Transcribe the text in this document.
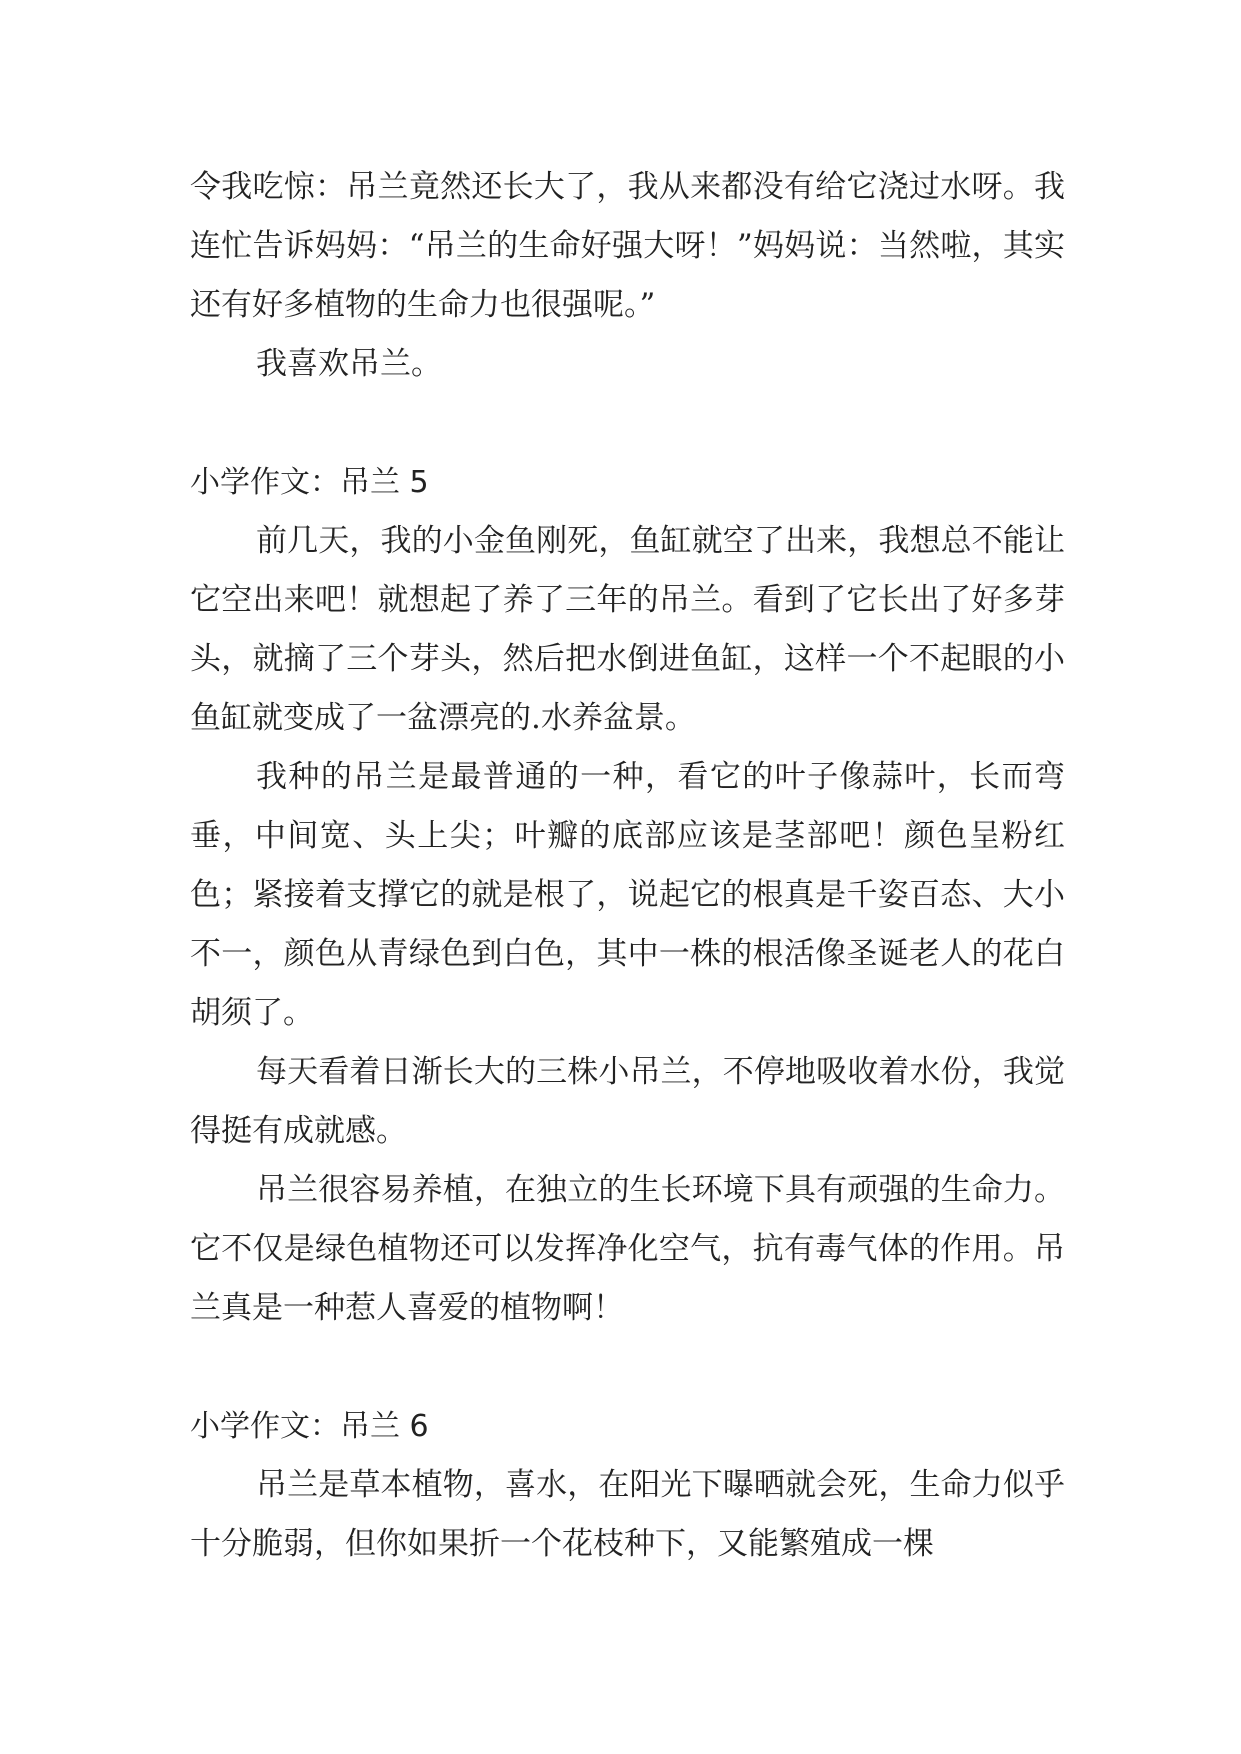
令我吃惊：吊兰竟然还长大了，我从来都没有给它浇过水呀。我连忙告诉妈妈：“吊兰的生命好强大呀！”妈妈说：当然啦，其实还有好多植物的生命力也很强呢。”

我喜欢吊兰。

小学作文：吊兰 5

前几天，我的小金鱼刚死，鱼缸就空了出来，我想总不能让它空出来吧！就想起了养了三年的吊兰。看到了它长出了好多芽头，就摘了三个芽头，然后把水倒进鱼缸，这样一个不起眼的小鱼缸就变成了一盆漂亮的.水养盆景。

我种的吊兰是最普通的一种，看它的叶子像蒜叶，长而弯垂，中间宽、头上尖；叶瓣的底部应该是茎部吧！颜色呈粉红色；紧接着支撑它的就是根了，说起它的根真是千姿百态、大小不一，颜色从青绿色到白色，其中一株的根活像圣诞老人的花白胡须了。

每天看着日渐长大的三株小吊兰，不停地吸收着水份，我觉得挺有成就感。

吊兰很容易养植，在独立的生长环境下具有顽强的生命力。它不仅是绿色植物还可以发挥净化空气，抗有毒气体的作用。吊兰真是一种惹人喜爱的植物啊！

小学作文：吊兰 6

吊兰是草本植物，喜水，在阳光下曝晒就会死，生命力似乎十分脆弱，但你如果折一个花枝种下，又能繁殖成一棵
